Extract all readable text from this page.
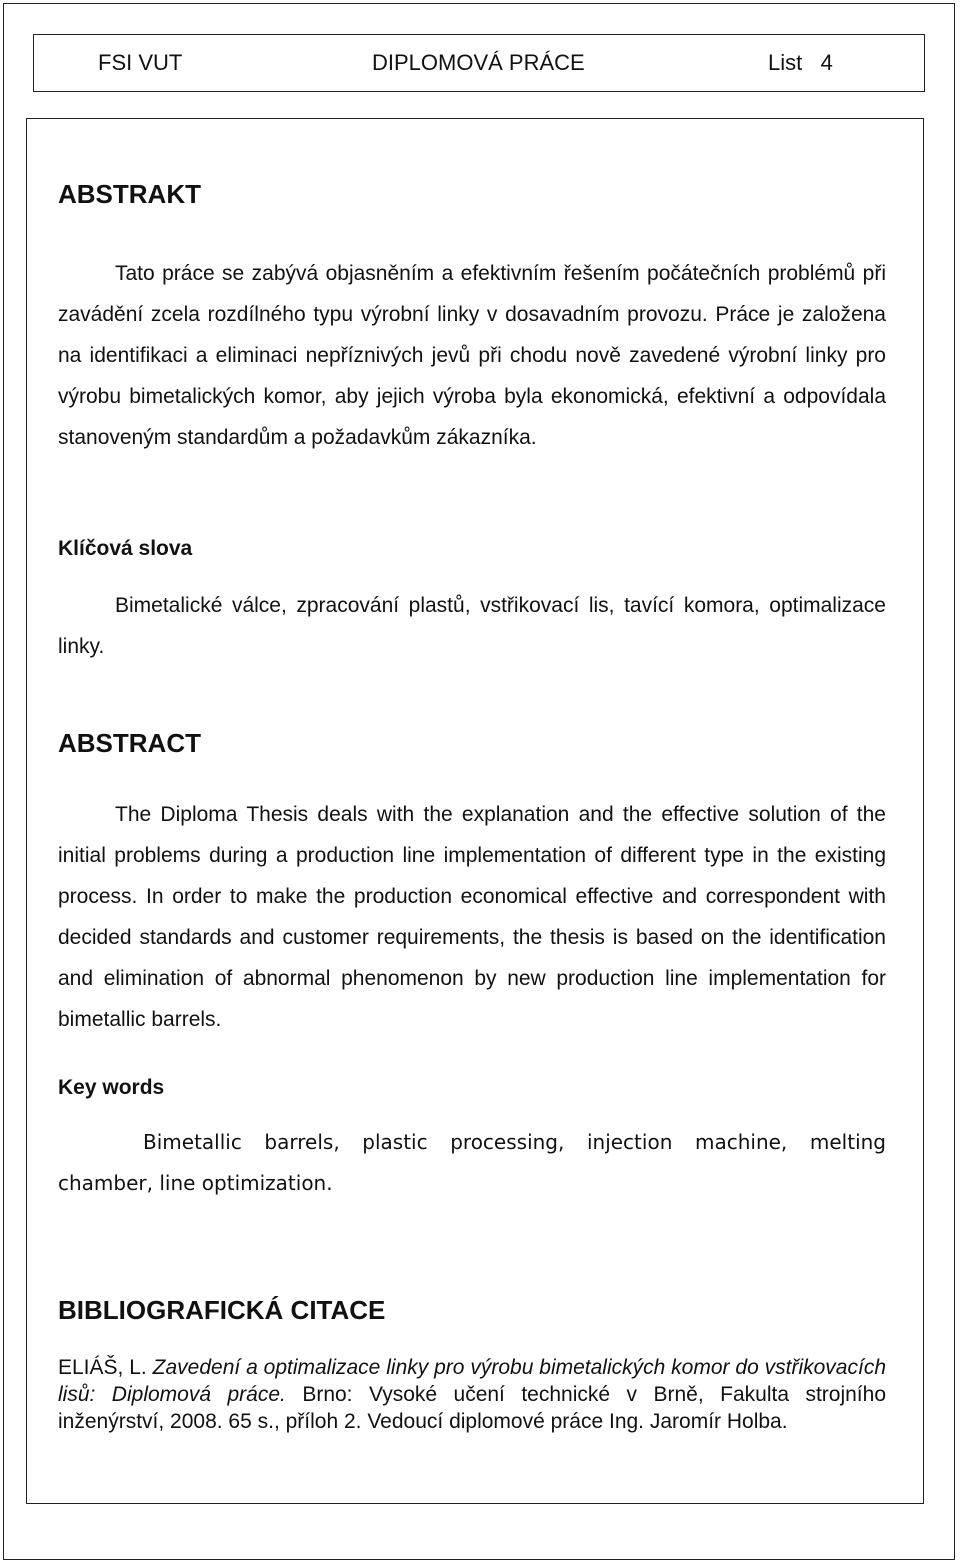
FSI VUT	DIPLOMOVÁ PRÁCE	List   4
ABSTRAKT

Tato práce se zabývá objasněním a efektivním řešením počátečních problémů při zavádění zcela rozdílného typu výrobní linky v dosavadním provozu. Práce je založena na identifikaci a eliminaci nepříznivých jevů při chodu nově zavedené výrobní linky pro výrobu bimetalických komor, aby jejich výroba byla ekonomická, efektivní a odpovídala stanoveným standardům a požadavkům zákazníka.

Klíčová slova

Bimetalické válce, zpracování plastů, vstřikovací lis, tavící komora, optimalizace linky.

ABSTRACT

The Diploma Thesis deals with the explanation and the effective solution of the initial problems during a production line implementation of different type in the existing process. In order to make the production economical effective and correspondent with decided standards and customer requirements, the thesis is based on the identification and elimination of abnormal phenomenon by new production line implementation for bimetallic barrels.

Key words

Bimetallic barrels, plastic processing, injection machine, melting chamber, line optimization.

BIBLIOGRAFICKÁ CITACE

ELIÁŠ, L. Zavedení a optimalizace linky pro výrobu bimetalických komor do vstřikovacích lisů: Diplomová práce. Brno: Vysoké učení technické v Brně, Fakulta strojního inženýrství, 2008. 65 s., příloh 2. Vedoucí diplomové práce Ing. Jaromír Holba.
